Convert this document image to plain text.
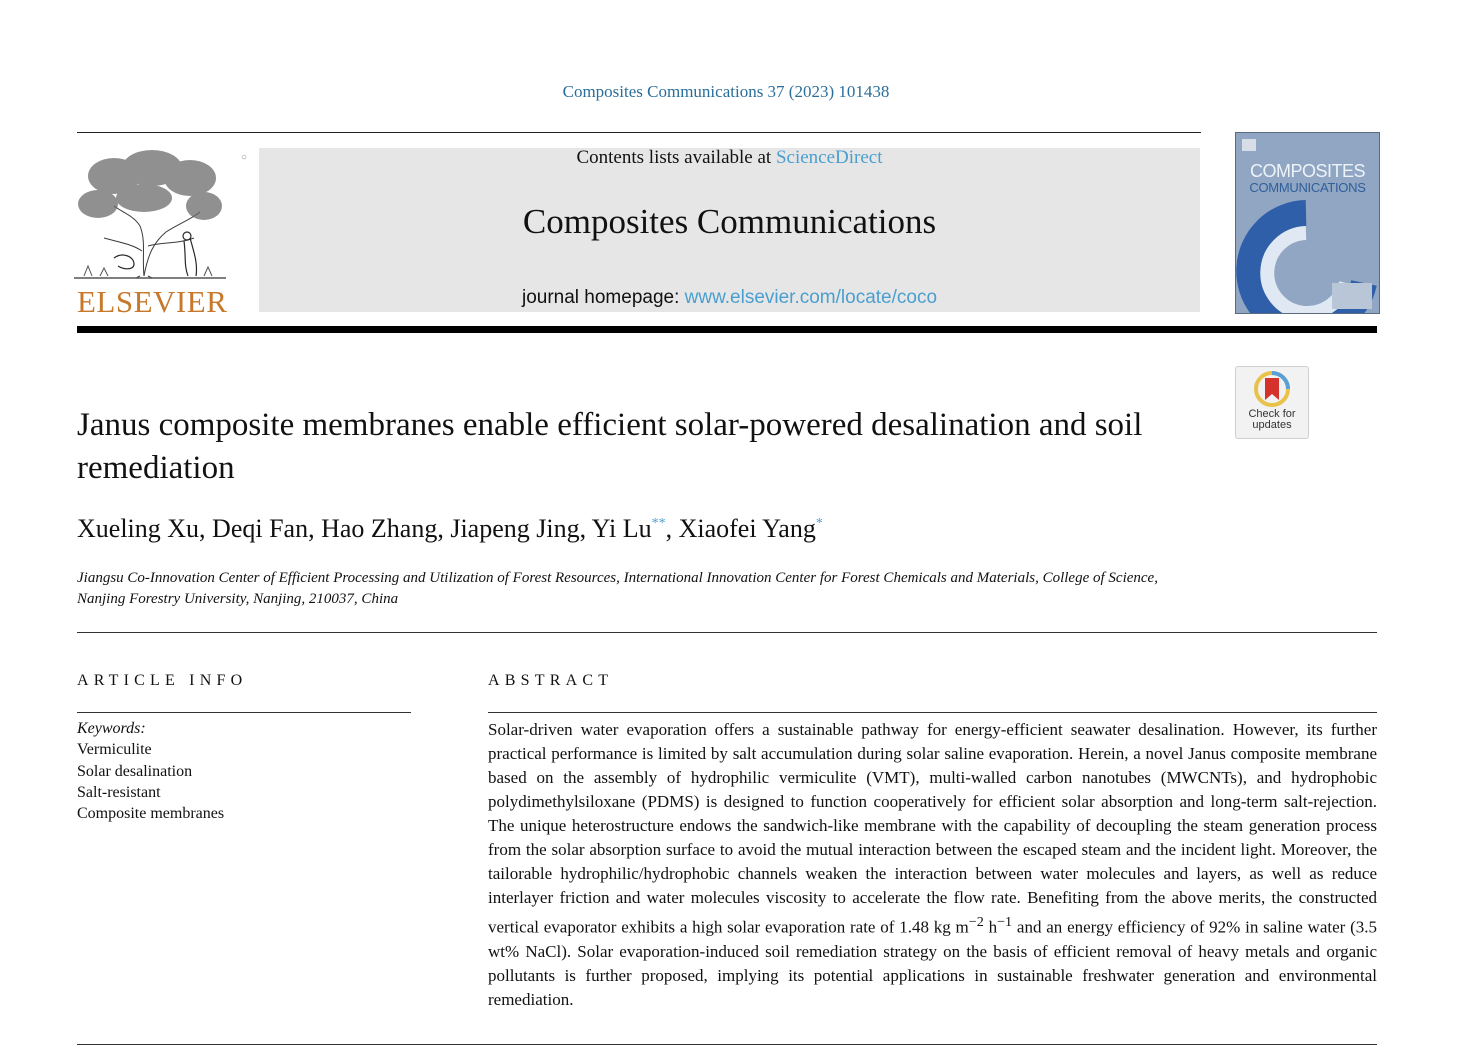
Composites Communications 37 (2023) 101438
ELSEVIER
○	Contents lists available at ScienceDirect
Composites Communications
journal homepage: www.elsevier.com/locate/coco
COMPOSITES
COMMUNICATIONS
Check for
updates
Janus composite membranes enable efficient solar-powered desalination and soil remediation
Xueling Xu, Deqi Fan, Hao Zhang, Jiapeng Jing, Yi Lu**, Xiaofei Yang*
Jiangsu Co-Innovation Center of Efficient Processing and Utilization of Forest Resources, International Innovation Center for Forest Chemicals and Materials, College of Science, Nanjing Forestry University, Nanjing, 210037, China
ARTICLE INFO
Keywords:
Vermiculite
Solar desalination
Salt-resistant
Composite membranes
ABSTRACT
Solar-driven water evaporation offers a sustainable pathway for energy-efficient seawater desalination. However, its further practical performance is limited by salt accumulation during solar saline evaporation. Herein, a novel Janus composite membrane based on the assembly of hydrophilic vermiculite (VMT), multi-walled carbon nanotubes (MWCNTs), and hydrophobic polydimethylsiloxane (PDMS) is designed to function cooperatively for efficient solar absorption and long-term salt-rejection. The unique heterostructure endows the sandwich-like membrane with the capability of decoupling the steam generation process from the solar absorption surface to avoid the mutual interaction between the escaped steam and the incident light. Moreover, the tailorable hydrophilic/hydrophobic channels weaken the interaction between water molecules and layers, as well as reduce interlayer friction and water molecules viscosity to accelerate the flow rate. Benefiting from the above merits, the constructed vertical evaporator exhibits a high solar evaporation rate of 1.48 kg $m^{-2}$ $h^{-1}$ and an energy efficiency of 92% in saline water (3.5 wt% NaCl). Solar evaporation-induced soil remediation strategy on the basis of efficient removal of heavy metals and organic pollutants is further proposed, implying its potential applications in sustainable freshwater generation and environmental remediation.
